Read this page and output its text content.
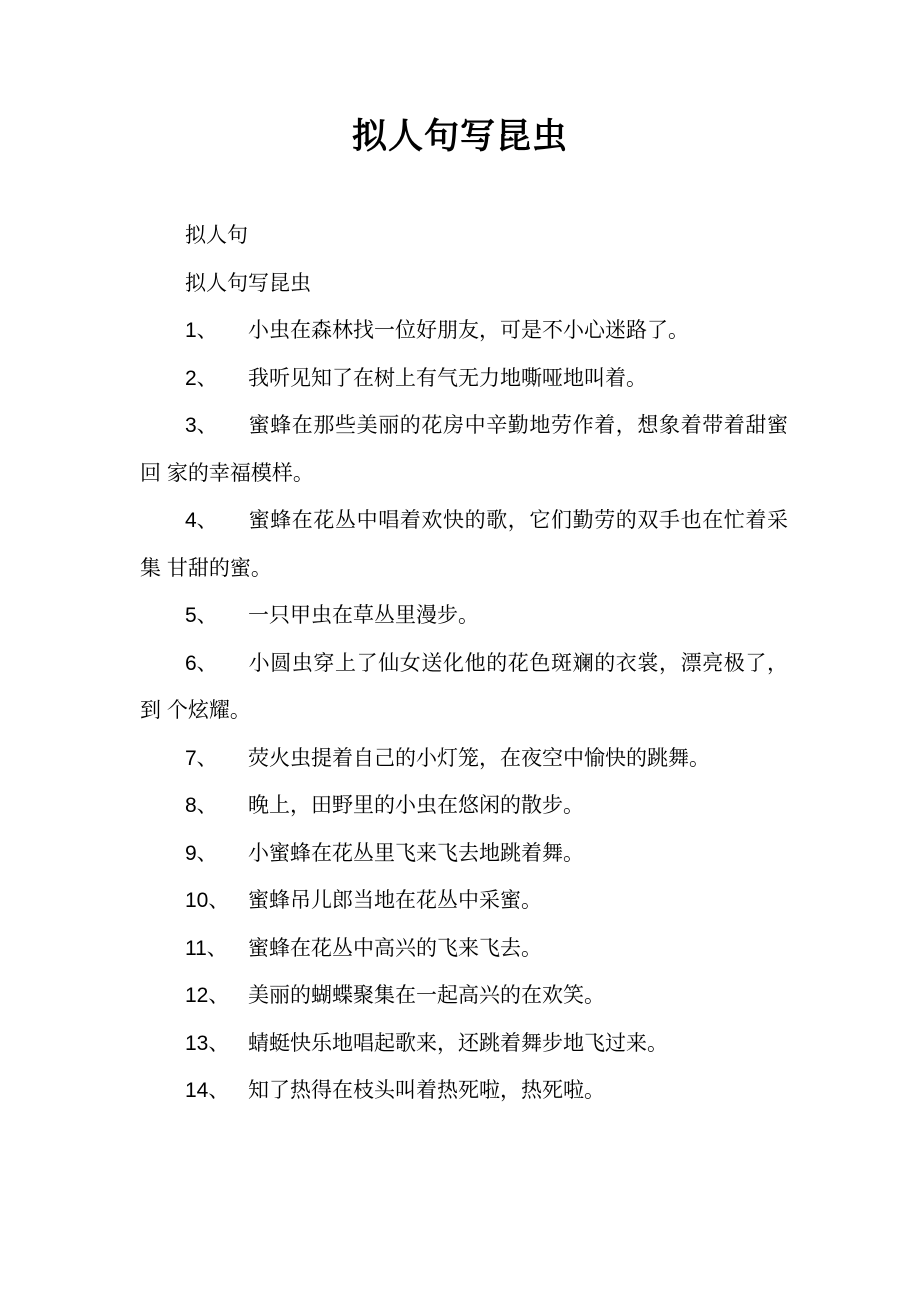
拟人句写昆虫

拟人句

拟人句写昆虫

1、 小虫在森林找一位好朋友，可是不小心迷路了。

2、 我听见知了在树上有气无力地嘶哑地叫着。

3、 蜜蜂在那些美丽的花房中辛勤地劳作着，想象着带着甜蜜回 家的幸福模样。

4、 蜜蜂在花丛中唱着欢快的歌，它们勤劳的双手也在忙着采集 甘甜的蜜。

5、 一只甲虫在草丛里漫步。

6、 小圆虫穿上了仙女送化他的花色斑斓的衣裳，漂亮极了，到 个炫耀。

7、 荧火虫提着自己的小灯笼，在夜空中愉快的跳舞。

8、 晚上，田野里的小虫在悠闲的散步。

9、 小蜜蜂在花丛里飞来飞去地跳着舞。

10、 蜜蜂吊儿郎当地在花丛中采蜜。

11、 蜜蜂在花丛中高兴的飞来飞去。

12、 美丽的蝴蝶聚集在一起高兴的在欢笑。

13、 蜻蜓快乐地唱起歌来，还跳着舞步地飞过来。

14、 知了热得在枝头叫着热死啦，热死啦。
